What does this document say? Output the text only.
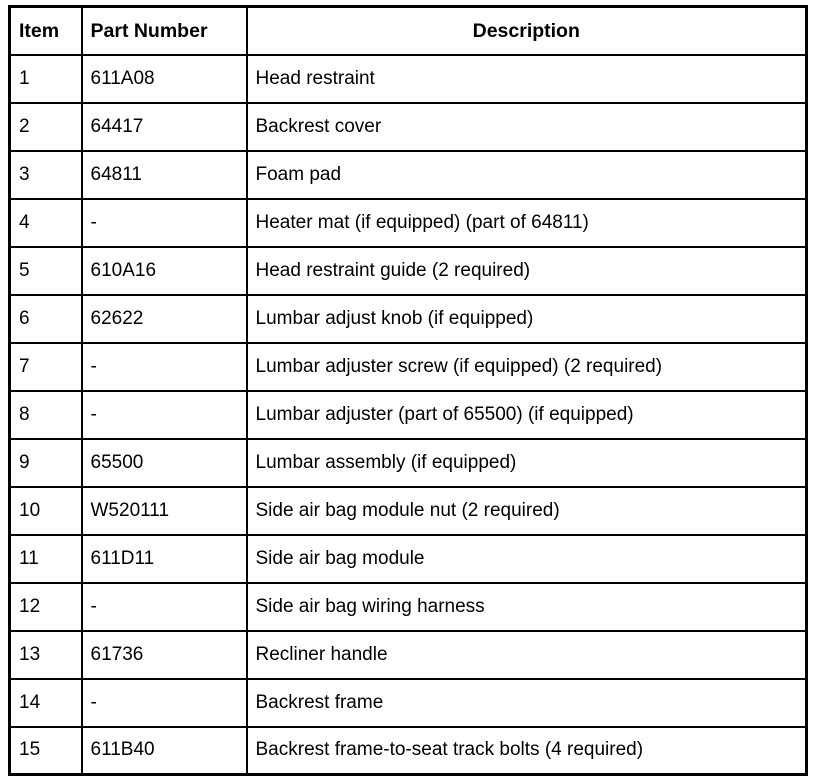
Item	Part Number	Description
1	611A08	Head restraint
2	64417	Backrest cover
3	64811	Foam pad
4	-	Heater mat (if equipped) (part of 64811)
5	610A16	Head restraint guide (2 required)
6	62622	Lumbar adjust knob (if equipped)
7	-	Lumbar adjuster screw (if equipped) (2 required)
8	-	Lumbar adjuster (part of 65500) (if equipped)
9	65500	Lumbar assembly (if equipped)
10	W520111	Side air bag module nut (2 required)
11	611D11	Side air bag module
12	-	Side air bag wiring harness
13	61736	Recliner handle
14	-	Backrest frame
15	611B40	Backrest frame-to-seat track bolts (4 required)
